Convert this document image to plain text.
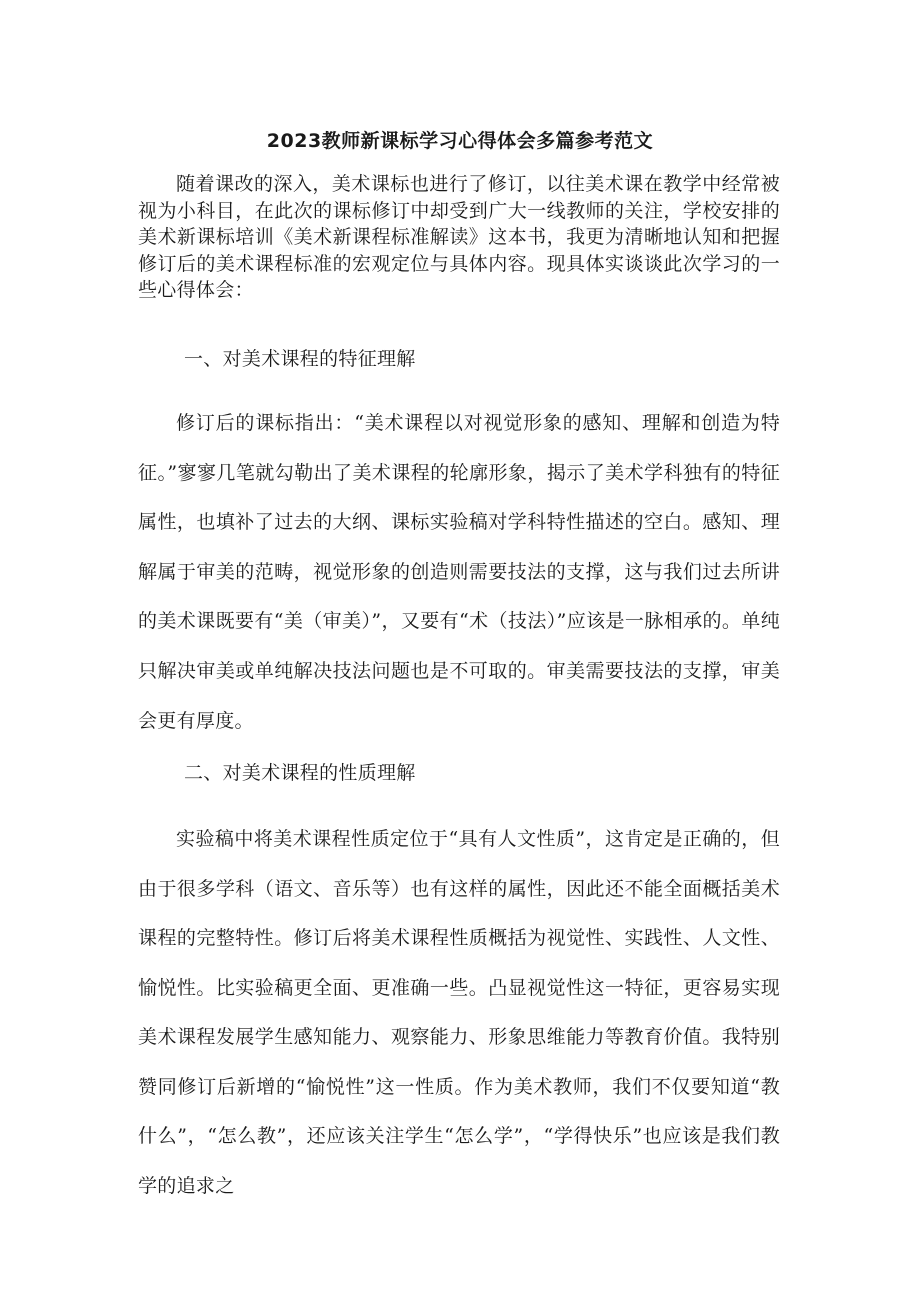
2023教师新课标学习心得体会多篇参考范文

随着课改的深入，美术课标也进行了修订，以往美术课在教学中经常被视为小科目，在此次的课标修订中却受到广大一线教师的关注，学校安排的美术新课标培训《美术新课程标准解读》这本书，我更为清晰地认知和把握修订后的美术课程标准的宏观定位与具体内容。现具体实谈谈此次学习的一些心得体会：

一、对美术课程的特征理解

修订后的课标指出：“美术课程以对视觉形象的感知、理解和创造为特征。”寥寥几笔就勾勒出了美术课程的轮廓形象，揭示了美术学科独有的特征属性，也填补了过去的大纲、课标实验稿对学科特性描述的空白。感知、理解属于审美的范畴，视觉形象的创造则需要技法的支撑，这与我们过去所讲的美术课既要有“美（审美）”，又要有“术（技法）”应该是一脉相承的。单纯只解决审美或单纯解决技法问题也是不可取的。审美需要技法的支撑，审美会更有厚度。

二、对美术课程的性质理解

实验稿中将美术课程性质定位于“具有人文性质”，这肯定是正确的，但由于很多学科（语文、音乐等）也有这样的属性，因此还不能全面概括美术课程的完整特性。修订后将美术课程性质概括为视觉性、实践性、人文性、愉悦性。比实验稿更全面、更准确一些。凸显视觉性这一特征，更容易实现美术课程发展学生感知能力、观察能力、形象思维能力等教育价值。我特别赞同修订后新增的“愉悦性”这一性质。作为美术教师，我们不仅要知道“教什么”，“怎么教”，还应该关注学生“怎么学”，“学得快乐”也应该是我们教学的追求之
